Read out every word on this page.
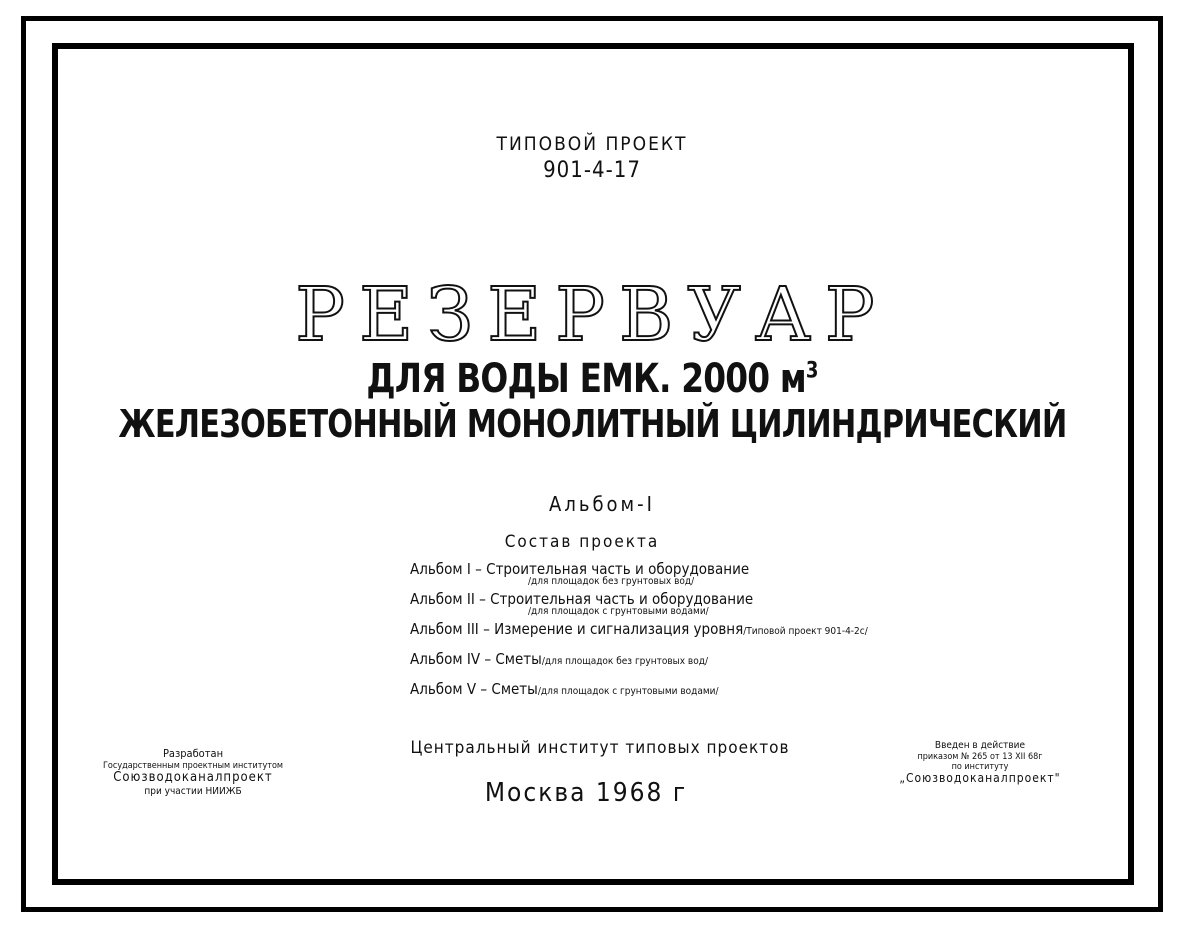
ТИПОВОЙ ПРОЕКТ
901-4-17
РЕЗЕРВУАР
ДЛЯ ВОДЫ ЕМК. 2000 $м^3$
ЖЕЛЕЗОБЕТОННЫЙ МОНОЛИТНЫЙ ЦИЛИНДРИЧЕСКИЙ
Альбом-I
Состав проекта
Альбом I – Строительная часть и оборудование
/для площадок без грунтовых вод/
Альбом II – Строительная часть и оборудование
/для площадок с грунтовыми водами/
Альбом III – Измерение и сигнализация уровня/Типовой проект 901-4-2с/
Альбом IV – Сметы/для площадок без грунтовых вод/
Альбом V – Сметы/для площадок с грунтовыми водами/
Центральный институт типовых проектов
Москва 1968 г
Разработан
Государственным проектным институтом
Союзводоканалпроект
при участии НИИЖБ
Введен в действие
приказом № 265 от 13 XII 68г
по институту
„Союзводоканалпроект"
